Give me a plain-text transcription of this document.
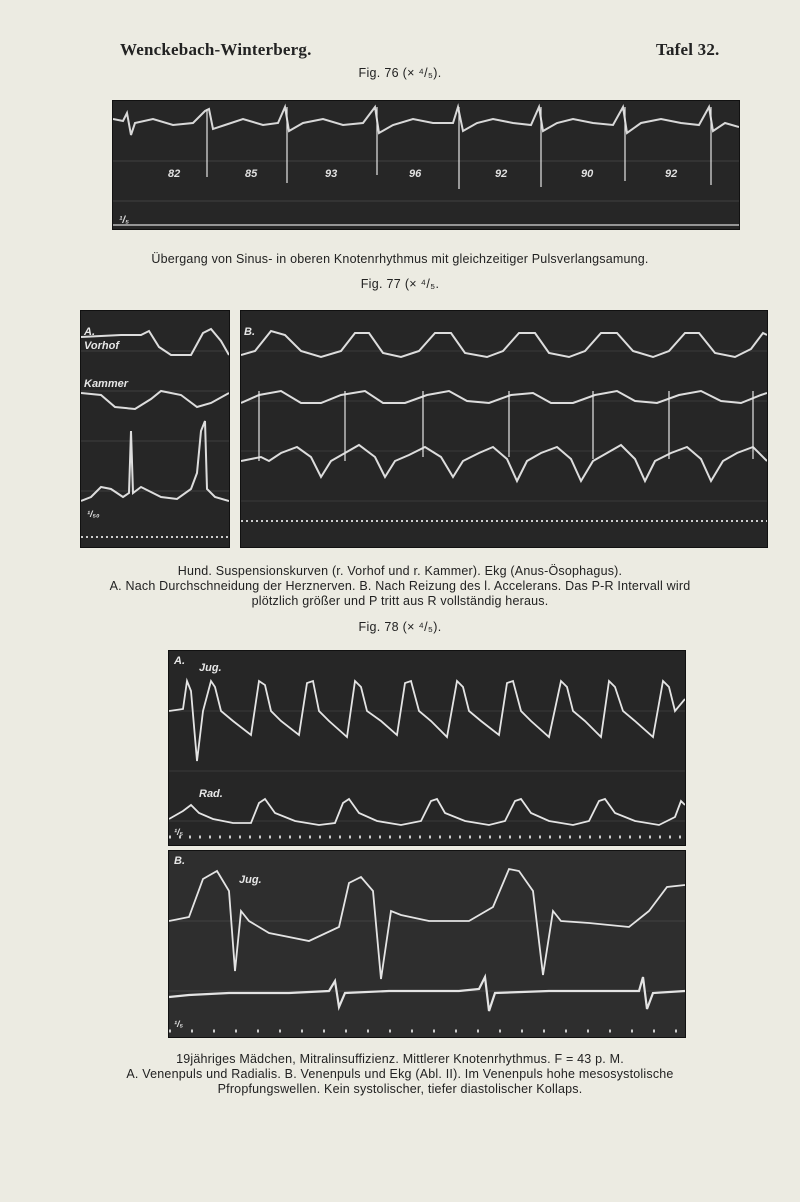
Wenckebach-Winterberg.	Tafel 32.
Fig. 76 (× ⁴/₅).
82	85	93	96	92	90	92
¹/₅
Übergang von Sinus- in oberen Knotenrhythmus mit gleichzeitiger Pulsverlangsamung.
Fig. 77 (× ⁴/₅.
A.
Vorhof
Kammer
¹/₅₀
B.
Hund. Suspensionskurven (r. Vorhof und r. Kammer). Ekg (Anus-Ösophagus).
A. Nach Durchschneidung der Herznerven. B. Nach Reizung des l. Accelerans. Das P-R Intervall wird
plötzlich größer und P tritt aus R vollständig heraus.
Fig. 78 (× ⁴/₅).
A.
Jug.
Rad.
¹/₅
B.
Jug.
¹/₅
19jähriges Mädchen, Mitralinsuffizienz. Mittlerer Knotenrhythmus. F = 43 p. M.
A. Venenpuls und Radialis. B. Venenpuls und Ekg (Abl. II). Im Venenpuls hohe mesosystolische
Pfropfungswellen. Kein systolischer, tiefer diastolischer Kollaps.
